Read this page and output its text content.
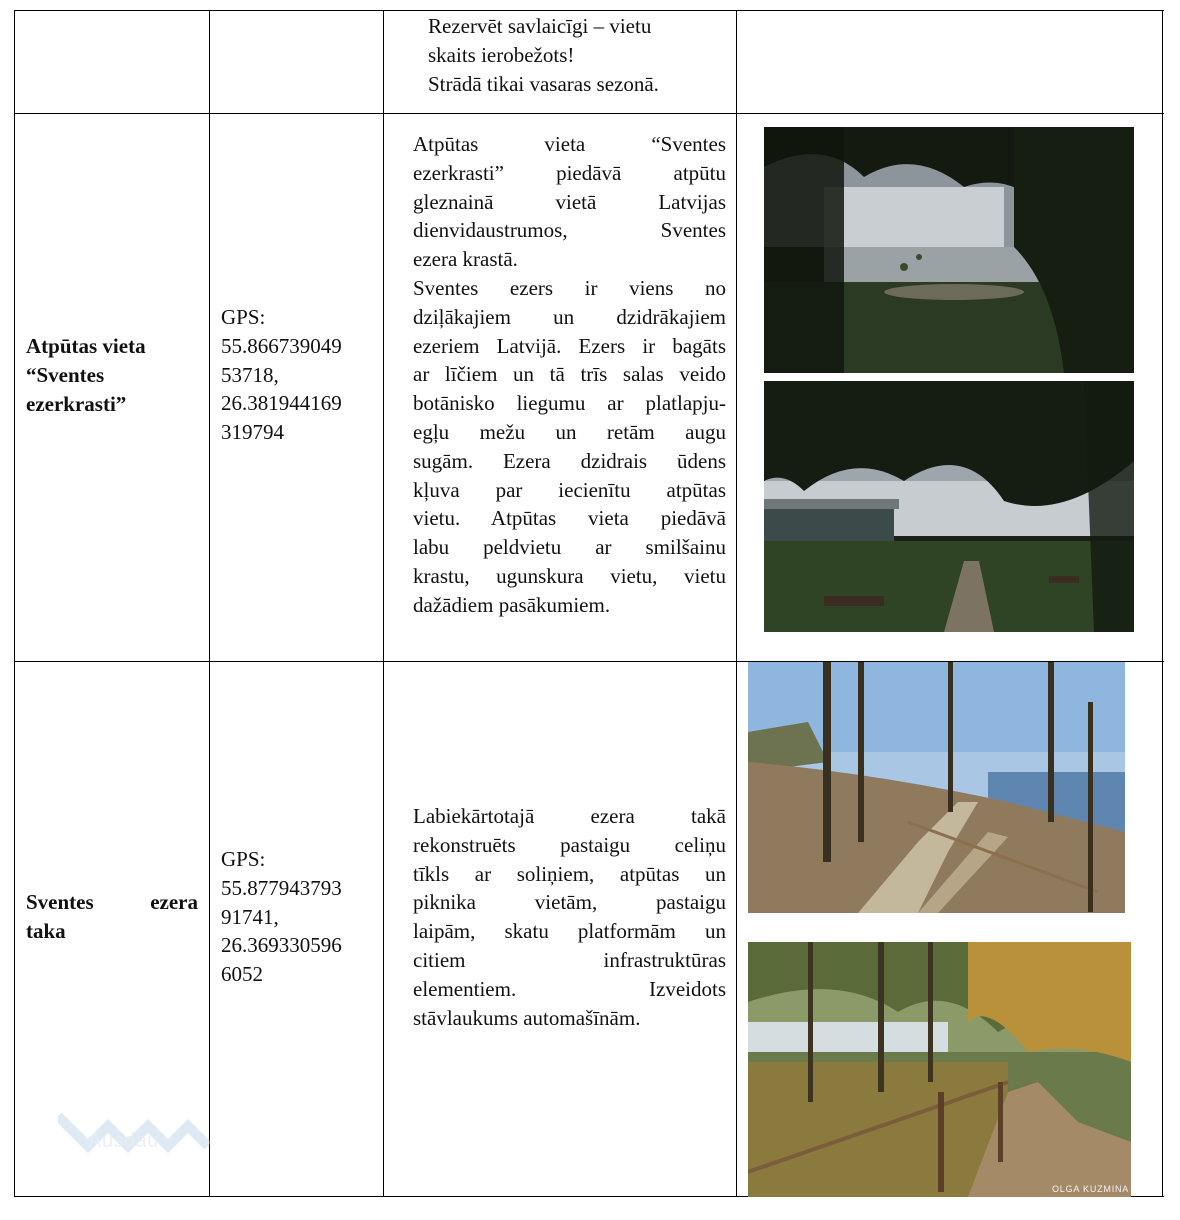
Rezervēt savlaicīgi – vietu
skaits ierobežots!
Strādā tikai vasaras sezonā.
Atpūtas vieta
“Sventes
ezerkrasti”
GPS:
55.866739049
53718,
26.381944169
319794
Atpūtas vieta “Sventes
ezerkrasti” piedāvā atpūtu
gleznainā vietā Latvijas
dienvidaustrumos, Sventes
ezera krastā.
Sventes ezers ir viens no
dziļākajiem un dzidrākajiem
ezeriem Latvijā. Ezers ir bagāts
ar līčiem un tā trīs salas veido
botānisko liegumu ar platlapju-
egļu mežu un retām augu
sugām. Ezera dzidrais ūdens
kļuva par iecienītu atpūtas
vietu. Atpūtas vieta piedāvā
labu peldvietu ar smilšainu
krastu, ugunskura vietu, vietu
dažādiem pasākumiem.
Sventes ezera
taka
GPS:
55.877943793
91741,
26.369330596
6052
Labiekārtotajā ezera takā
rekonstruēts pastaigu celiņu
tīkls ar soliņiem, atpūtas un
piknika vietām, pastaigu
laipām, skatu platformām un
citiem infrastruktūras
elementiem. Izveidots
stāvlaukums automašīnām.
OLGA KUZMINA
Ausdau
